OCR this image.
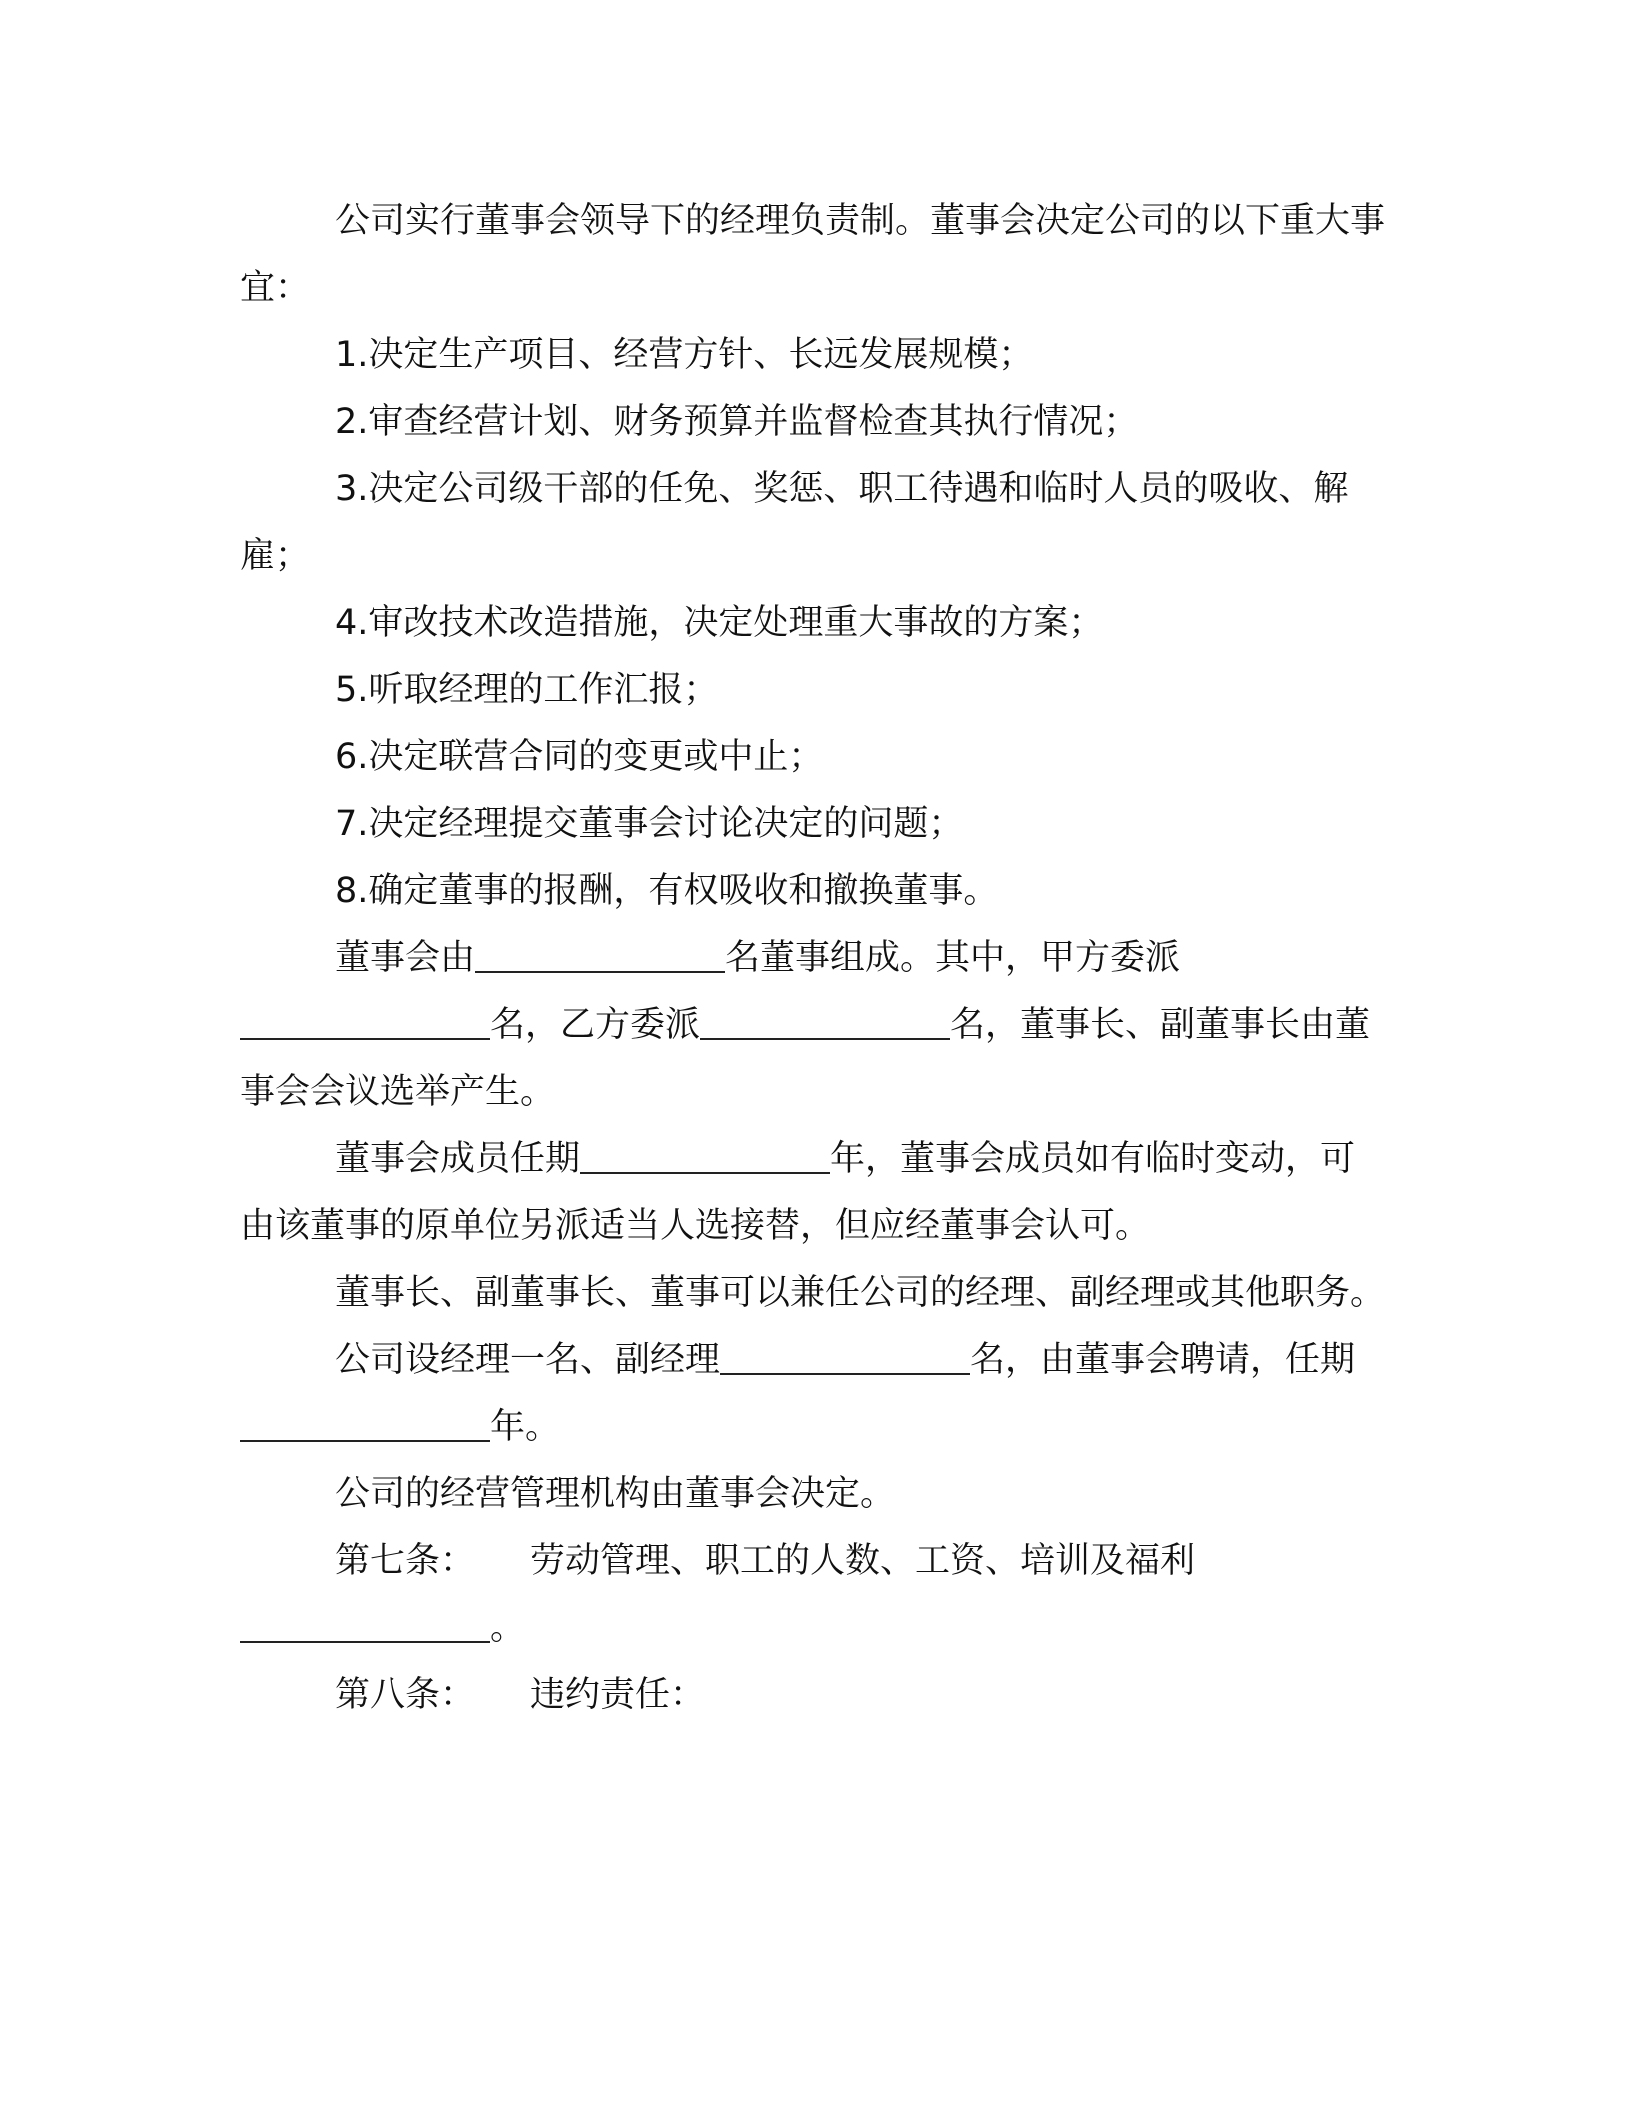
公司实行董事会领导下的经理负责制。董事会决定公司的以下重大事宜：

1.决定生产项目、经营方针、长远发展规模；

2.审查经营计划、财务预算并监督检查其执行情况；

3.决定公司级干部的任免、奖惩、职工待遇和临时人员的吸收、解雇；

4.审改技术改造措施，决定处理重大事故的方案；

5.听取经理的工作汇报；

6.决定联营合同的变更或中止；

7.决定经理提交董事会讨论决定的问题；

8.确定董事的报酬，有权吸收和撤换董事。

董事会由	名董事组成。其中，甲方委派名，乙方委派	名，董事长、副董事长由董事会会议选举产生。

董事会成员任期	年，董事会成员如有临时变动，可由该董事的原单位另派适当人选接替，但应经董事会认可。

董事长、副董事长、董事可以兼任公司的经理、副经理或其他职务。

公司设经理一名、副经理	名，由董事会聘请，任期年。

公司的经营管理机构由董事会决定。

第七条： 劳动管理、职工的人数、工资、培训及福利。

第八条： 违约责任：
